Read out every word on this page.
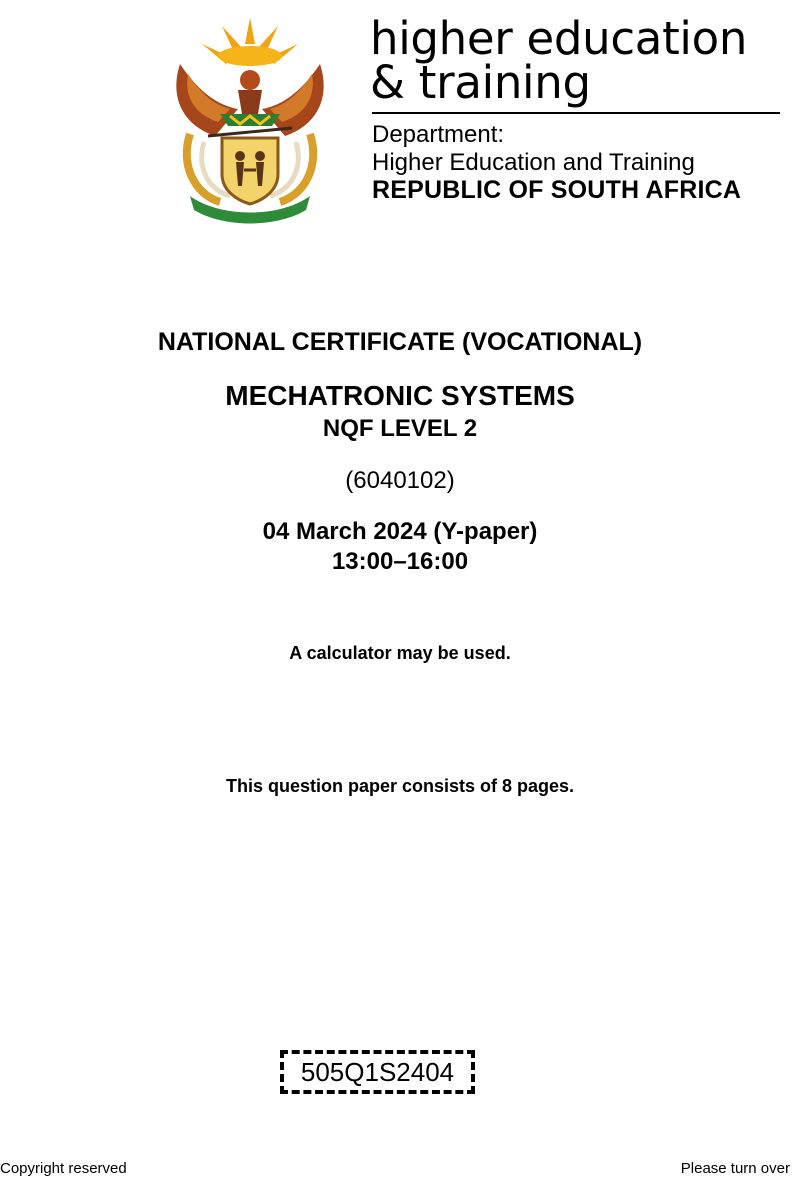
higher education
& training
Department:
Higher Education and Training
REPUBLIC OF SOUTH AFRICA
NATIONAL CERTIFICATE (VOCATIONAL)
MECHATRONIC SYSTEMS
NQF LEVEL 2
(6040102)
04 March 2024 (Y-paper)
13:00–16:00
A calculator may be used.
This question paper consists of 8 pages.
505Q1S2404
Copyright reserved	Please turn over
